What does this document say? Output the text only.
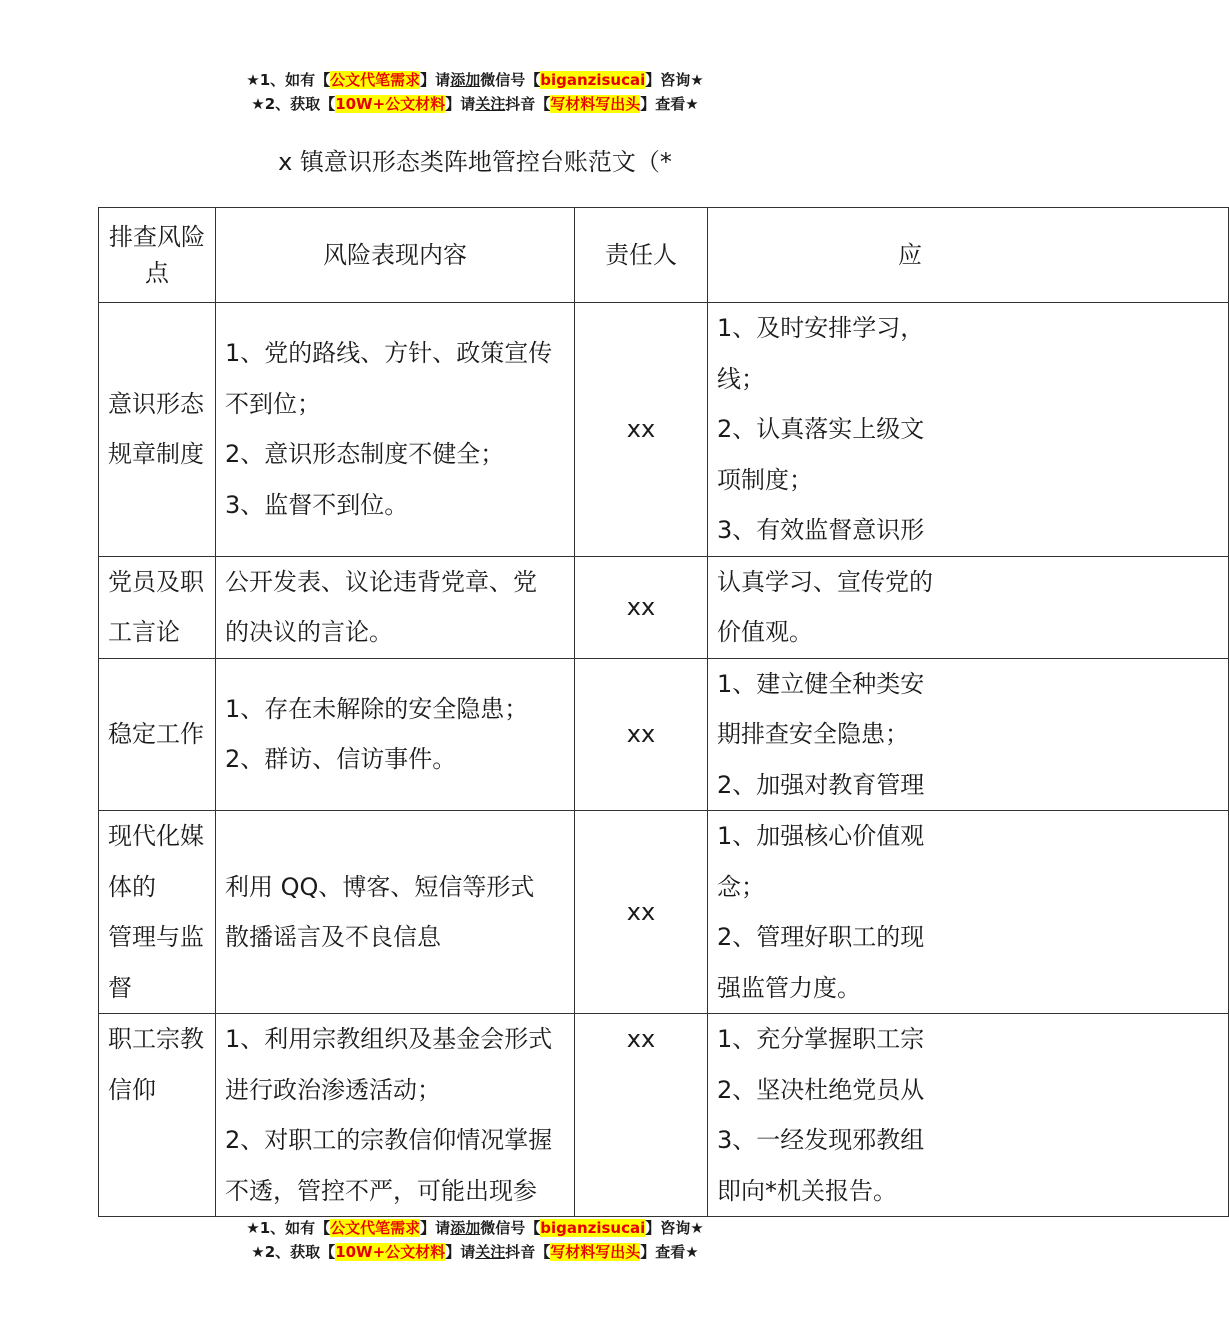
★1、如有【公文代笔需求】请添加微信号【biganzisucai】咨询★
★2、获取【10W+公文材料】请关注抖音【写材料写出头】查看★
x 镇意识形态类阵地管控台账范文（*
排查风险点	风险表现内容	责任人	应

意识形态
规章制度	1、党的路线、方针、政策宣传
不到位；
2、意识形态制度不健全；
3、监督不到位。	xx	1、及时安排学习，
线；
2、认真落实上级文
项制度；
3、有效监督意识形

党员及职
工言论	公开发表、议论违背党章、党
的决议的言论。	xx	认真学习、宣传党的
价值观。

稳定工作	1、存在未解除的安全隐患；
2、群访、信访事件。	xx	1、建立健全种类安
期排查安全隐患；
2、加强对教育管理

现代化媒
体的
管理与监
督	利用 QQ、博客、短信等形式
散播谣言及不良信息	xx	1、加强核心价值观
念；
2、管理好职工的现
强监管力度。

职工宗教
信仰	1、利用宗教组织及基金会形式
进行政治渗透活动；
2、对职工的宗教信仰情况掌握
不透，管控不严，可能出现参	xx	1、充分掌握职工宗
2、坚决杜绝党员从
3、一经发现邪教组
即向*机关报告。
★1、如有【公文代笔需求】请添加微信号【biganzisucai】咨询★
★2、获取【10W+公文材料】请关注抖音【写材料写出头】查看★
